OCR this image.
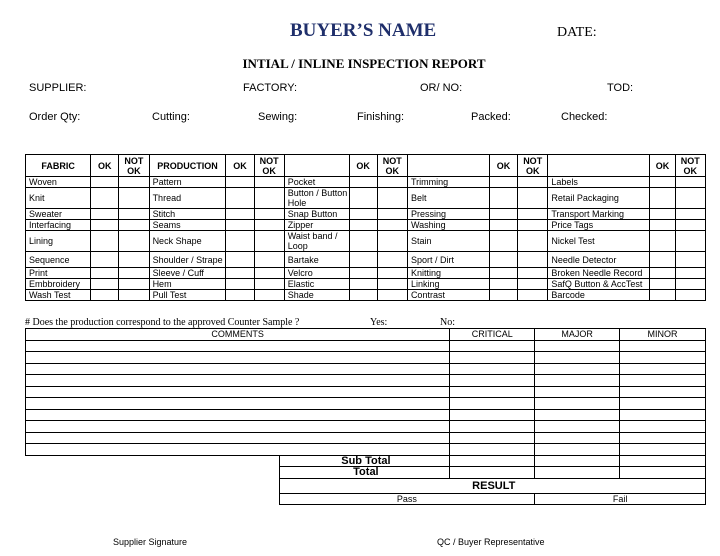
BUYER’S NAME	DATE:
INTIAL / INLINE INSPECTION REPORT
SUPPLIER:	FACTORY:	OR/ NO:	TOD:
Order Qty:	Cutting:	Sewing:	Finishing:	Packed:	Checked:
FABRIC	OK	NOT OK	PRODUCTION	OK	NOT OK		OK	NOT OK		OK	NOT OK		OK	NOT OK
Woven			Pattern			Pocket			Trimming			Labels		
Knit			Thread			Button / Button Hole			Belt			Retail Packaging		
Sweater			Stitch			Snap Button			Pressing			Transport Marking		
Interfacing			Seams			Zipper			Washing			Price Tags		
Lining			Neck Shape			Waist band / Loop			Stain			Nickel Test		
Sequence			Shoulder / Strape			Bartake			Sport / Dirt			Needle Detector		
Print			Sleeve / Cuff			Velcro			Knitting			Broken Needle Record		
Embbroidery			Hem			Elastic			Linking			SafQ Button & AccTest		
Wash Test			Pull Test			Shade			Contrast			Barcode		
# Does the production correspond to the approved Counter Sample ?	Yes:	No:
COMMENTS		CRITICAL	MAJOR	MINOR

	Sub Total			
	Total			
	RESULT			
	Pass		Fail	
Supplier Signature	QC / Buyer Representative
